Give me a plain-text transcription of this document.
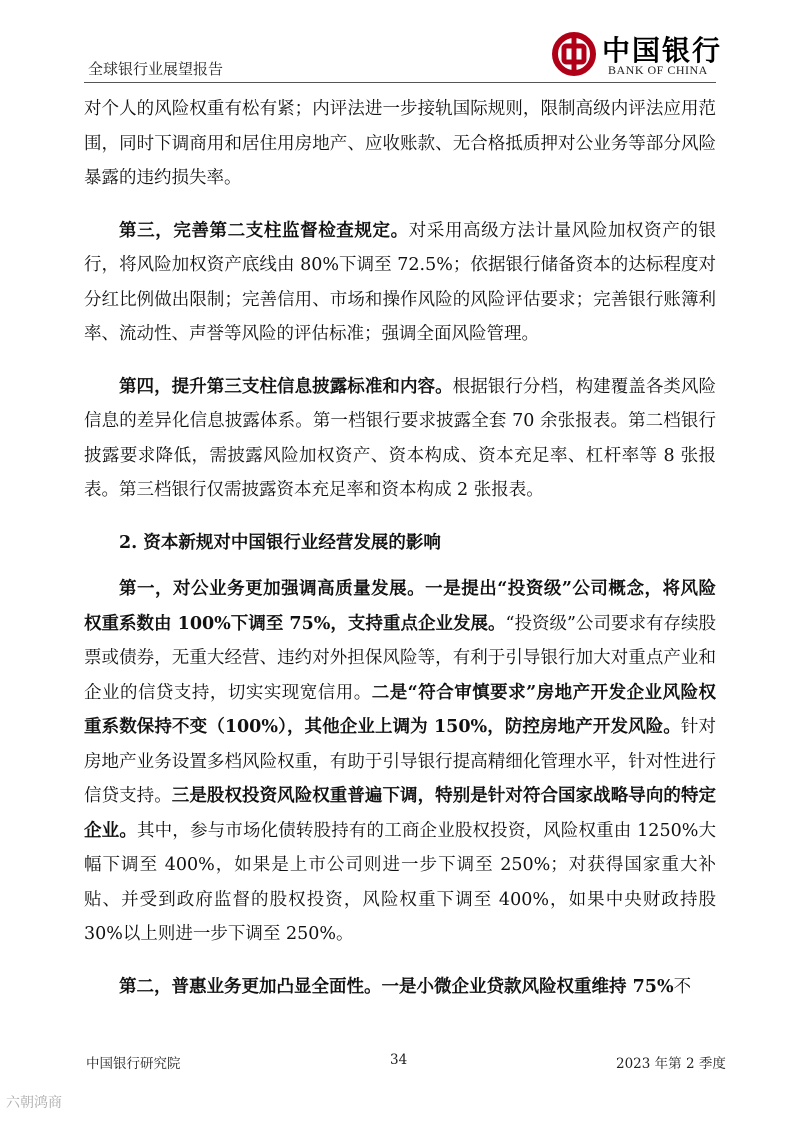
全球银行业展望报告
中国银行
BANK OF CHINA

对个人的风险权重有松有紧；内评法进一步接轨国际规则，限制高级内评法应用范围，同时下调商用和居住用房地产、应收账款、无合格抵质押对公业务等部分风险暴露的违约损失率。

第三，完善第二支柱监督检查规定。对采用高级方法计量风险加权资产的银行，将风险加权资产底线由 80%下调至 72.5%；依据银行储备资本的达标程度对分红比例做出限制；完善信用、市场和操作风险的风险评估要求；完善银行账簿利率、流动性、声誉等风险的评估标准；强调全面风险管理。

第四，提升第三支柱信息披露标准和内容。根据银行分档，构建覆盖各类风险信息的差异化信息披露体系。第一档银行要求披露全套 70 余张报表。第二档银行披露要求降低，需披露风险加权资产、资本构成、资本充足率、杠杆率等 8 张报表。第三档银行仅需披露资本充足率和资本构成 2 张报表。

2. 资本新规对中国银行业经营发展的影响

第一，对公业务更加强调高质量发展。一是提出“投资级”公司概念，将风险权重系数由 100%下调至 75%，支持重点企业发展。“投资级”公司要求有存续股票或债券，无重大经营、违约对外担保风险等，有利于引导银行加大对重点产业和企业的信贷支持，切实实现宽信用。二是“符合审慎要求”房地产开发企业风险权重系数保持不变（100%），其他企业上调为 150%，防控房地产开发风险。针对房地产业务设置多档风险权重，有助于引导银行提高精细化管理水平，针对性进行信贷支持。三是股权投资风险权重普遍下调，特别是针对符合国家战略导向的特定企业。其中，参与市场化债转股持有的工商企业股权投资，风险权重由 1250%大幅下调至 400%，如果是上市公司则进一步下调至 250%；对获得国家重大补贴、并受到政府监督的股权投资，风险权重下调至 400%，如果中央财政持股 30%以上则进一步下调至 250%。

第二，普惠业务更加凸显全面性。一是小微企业贷款风险权重维持 75%不

中国银行研究院	34	2023 年第 2 季度
六朝鸿商
